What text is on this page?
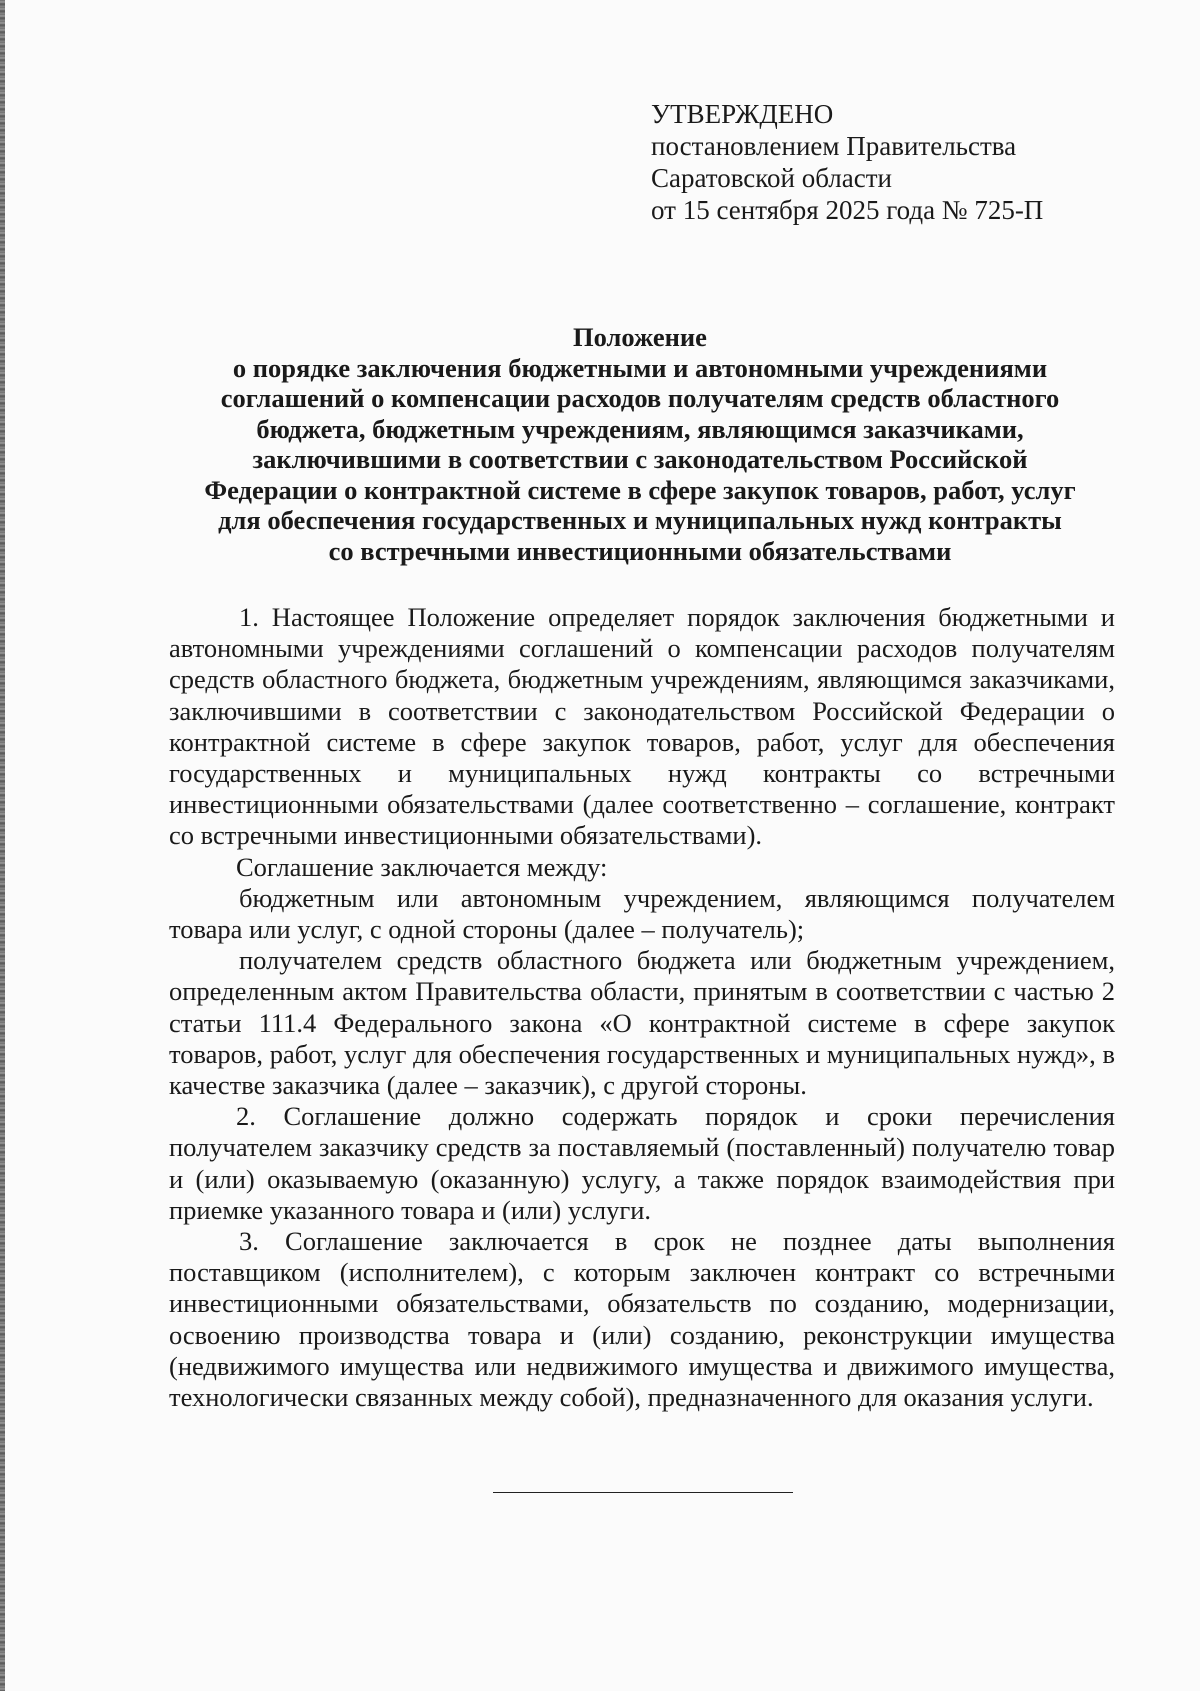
УТВЕРЖДЕНО
постановлением Правительства
Саратовской области
от 15 сентября 2025 года № 725-П
Положение
о порядке заключения бюджетными и автономными учреждениями
соглашений о компенсации расходов получателям средств областного
бюджета, бюджетным учреждениям, являющимся заказчиками,
заключившими в соответствии с законодательством Российской
Федерации о контрактной системе в сфере закупок товаров, работ, услуг
для обеспечения государственных и муниципальных нужд контракты
со встречными инвестиционными обязательствами

1. Настоящее Положение определяет порядок заключения бюджетными и автономными учреждениями соглашений о компенсации расходов получателям средств областного бюджета, бюджетным учреждениям, являющимся заказчиками, заключившими в соответствии с законодательством Российской Федерации о контрактной системе в сфере закупок товаров, работ, услуг для обеспечения государственных и муниципальных нужд контракты со встречными инвестиционными обязательствами (далее соответственно – соглашение, контракт со встречными инвестиционными обязательствами).

Соглашение заключается между:

бюджетным или автономным учреждением, являющимся получателем товара или услуг, с одной стороны (далее – получатель);

получателем средств областного бюджета или бюджетным учреждением, определенным актом Правительства области, принятым в соответствии с частью 2 статьи 111.4 Федерального закона «О контрактной системе в сфере закупок товаров, работ, услуг для обеспечения государственных и муниципальных нужд», в качестве заказчика (далее – заказчик), с другой стороны.

2. Соглашение должно содержать порядок и сроки перечисления получателем заказчику средств за поставляемый (поставленный) получателю товар и (или) оказываемую (оказанную) услугу, а также порядок взаимодействия при приемке указанного товара и (или) услуги.

3. Соглашение заключается в срок не позднее даты выполнения поставщиком (исполнителем), с которым заключен контракт со встречными инвестиционными обязательствами, обязательств по созданию, модернизации, освоению производства товара и (или) созданию, реконструкции имущества (недвижимого имущества или недвижимого имущества и движимого имущества, технологически связанных между собой), предназначенного для оказания услуги.
